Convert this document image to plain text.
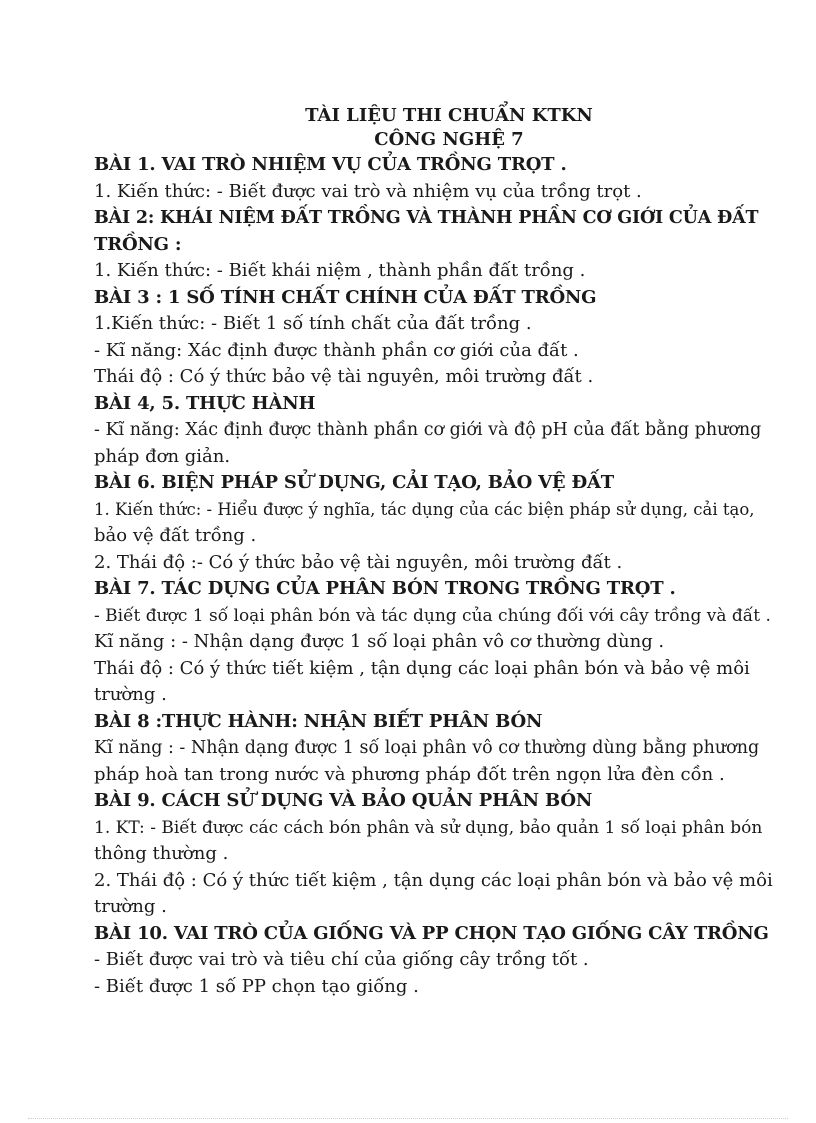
TÀI LIỆU THI CHUẨN KTKN

CÔNG NGHỆ 7

BÀI 1. VAI TRÒ NHIỆM VỤ CỦA TRỒNG TRỌT .

1. Kiến thức: - Biết được vai trò và nhiệm vụ của trồng trọt .

BÀI 2: KHÁI NIỆM ĐẤT TRỒNG VÀ THÀNH PHẦN CƠ GIỚI CỦA ĐẤT

TRỒNG :

1. Kiến thức: - Biết khái niệm , thành phần đất trồng .

BÀI 3 : 1 SỐ TÍNH CHẤT CHÍNH CỦA ĐẤT TRỒNG

1.Kiến thức: - Biết 1 số tính chất của đất trồng .

- Kĩ năng: Xác định được thành phần cơ giới của đất .

Thái độ : Có ý thức bảo vệ tài nguyên, môi trường đất .

BÀI 4, 5. THỰC HÀNH

- Kĩ năng: Xác định được thành phần cơ giới và độ pH của đất bằng phương

pháp đơn giản.

BÀI 6. BIỆN PHÁP SỬ DỤNG, CẢI TẠO, BẢO VỆ ĐẤT

1. Kiến thức: - Hiểu được ý nghĩa, tác dụng của các biện pháp sử dụng, cải tạo,

bảo vệ đất trồng .

2. Thái độ :- Có ý thức bảo vệ tài nguyên, môi trường đất .

BÀI 7. TÁC DỤNG CỦA PHÂN BÓN TRONG TRỒNG TRỌT .

- Biết được 1 số loại phân bón và tác dụng của chúng đối với cây trồng và đất .

Kĩ năng : - Nhận dạng được 1 số loại phân vô cơ thường dùng .

Thái độ : Có ý thức tiết kiệm , tận dụng các loại phân bón và bảo vệ môi

trường .

BÀI 8 :THỰC HÀNH: NHẬN BIẾT PHÂN BÓN

Kĩ năng : - Nhận dạng được 1 số loại phân vô cơ thường dùng bằng phương

pháp hoà tan trong nước và phương pháp đốt trên ngọn lửa đèn cồn .

BÀI 9. CÁCH SỬ DỤNG VÀ BẢO QUẢN PHÂN BÓN

1. KT: - Biết được các cách bón phân và sử dụng, bảo quản 1 số loại phân bón

thông thường .

2. Thái độ : Có ý thức tiết kiệm , tận dụng các loại phân bón và bảo vệ môi

trường .

BÀI 10. VAI TRÒ CỦA GIỐNG VÀ PP CHỌN TẠO GIỐNG CÂY TRỒNG

- Biết được vai trò và tiêu chí của giống cây trồng tốt .

- Biết được 1 số PP chọn tạo giống .
